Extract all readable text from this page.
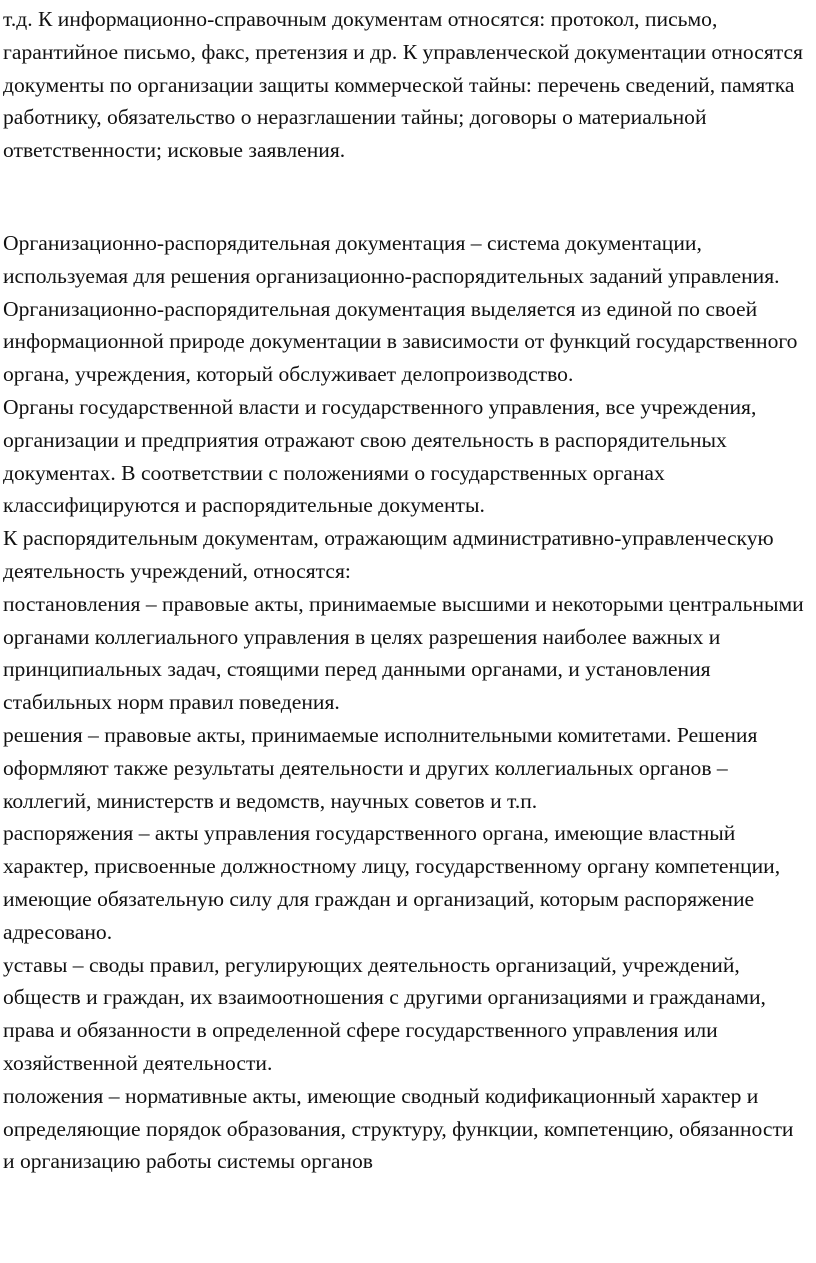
т.д. К информационно-справочным документам относятся: протокол, письмо, гарантийное письмо, факс, претензия и др. К управленческой документации относятся документы по организации защиты коммерческой тайны: перечень сведений, памятка работнику, обязательство о неразглашении тайны; договоры о материальной ответственности; исковые заявления.

Организационно-распорядительная документация – система документации, используемая для решения организационно-распорядительных заданий управления.

Организационно-распорядительная документация выделяется из единой по своей информационной природе документации в зависимости от функций государственного органа, учреждения, который обслуживает делопроизводство.

Органы государственной власти и государственного управления, все учреждения, организации и предприятия отражают свою деятельность в распорядительных документах. В соответствии с положениями о государственных органах классифицируются и распорядительные документы.

К распорядительным документам, отражающим административно-управленческую деятельность учреждений, относятся:

постановления – правовые акты, принимаемые высшими и некоторыми центральными органами коллегиального управления в целях разрешения наиболее важных и принципиальных задач, стоящими перед данными органами, и установления стабильных норм правил поведения.

решения – правовые акты, принимаемые исполнительными комитетами. Решения оформляют также результаты деятельности и других коллегиальных органов – коллегий, министерств и ведомств, научных советов и т.п.

распоряжения – акты управления государственного органа, имеющие властный характер, присвоенные должностному лицу, государственному органу компетенции, имеющие обязательную силу для граждан и организаций, которым распоряжение адресовано.

уставы – своды правил, регулирующих деятельность организаций, учреждений, обществ и граждан, их взаимоотношения с другими организациями и гражданами, права и обязанности в определенной сфере государственного управления или хозяйственной деятельности.

положения – нормативные акты, имеющие сводный кодификационный характер и определяющие порядок образования, структуру, функции, компетенцию, обязанности и организацию работы системы органов
